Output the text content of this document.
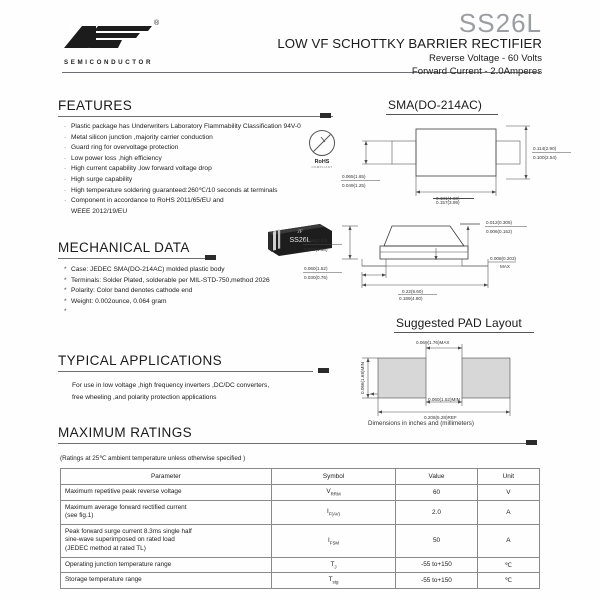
®
SEMICONDUCTOR
SS26L
LOW VF SCHOTTKY BARRIER RECTIFIER
Reverse Voltage - 60 Volts
Forward Current - 2.0Amperes
FEATURES
· Plastic package has Underwriters Laboratory Flammability Classification 94V-0
· Metal silicon junction ,majority carrier conduction
· Guard ring for overvoltage protection
· Low power loss ,high efficiency
· High current capability ,low forward voltage drop
· High surge capability
· High temperature soldering guaranteed:260℃/10 seconds at terminals
· Component in accordance to RoHS 2011/65/EU and
WEEE 2012/19/EU
RoHS
COMPLIANT
SS26L
JF
MECHANICAL DATA
* Case: JEDEC SMA(DO-214AC) molded plastic body
* Terminals: Solder Plated, solderable per MIL-STD-750,method 2026
* Polarity: Color band denotes cathode end
* Weight: 0.002ounce, 0.064 gram
*
TYPICAL APPLICATIONS
For use in low voltage ,high frequency inverters ,DC/DC converters,
free wheeling ,and polarity protection applications
SMA(DO-214AC)
0.114(2.90)
0.100(2.54)
0.065(1.65)
0.049(1.25)
0.181(4.60)
0.157(3.99)
0.096(2.44)
0.078(1.98)
0.060(1.52)
0.030(0.76)
0.012(0.305)
0.006(0.152)
0.008(0.203)
MAX
0.22(5.60)
0.189(4.80)
Suggested PAD Layout
0.069(1.76)MAX
0.066(1.68)MIN
0.060(1.52)MIN
0.208(5.28)REF
Dimensions in inches and (millimeters)
MAXIMUM RATINGS
(Ratings at 25℃ ambient temperature unless otherwise specified )
Parameter	Symbol	Value	Unit
Maximum repetitive peak reverse voltage	$V_{RRM}$	60	V
Maximum average forward rectified current
(see fig.1)	$I_{F(AV)}$	2.0	A
Peak forward surge current 8.3ms single half
sine-wave superimposed on rated load
(JEDEC method at rated TL)	$I_{FSM}$	50	A
Operating junction temperature range	$T_J$	-55 to+150	℃
Storage temperature range	$T_{stg}$	-55 to+150	℃
